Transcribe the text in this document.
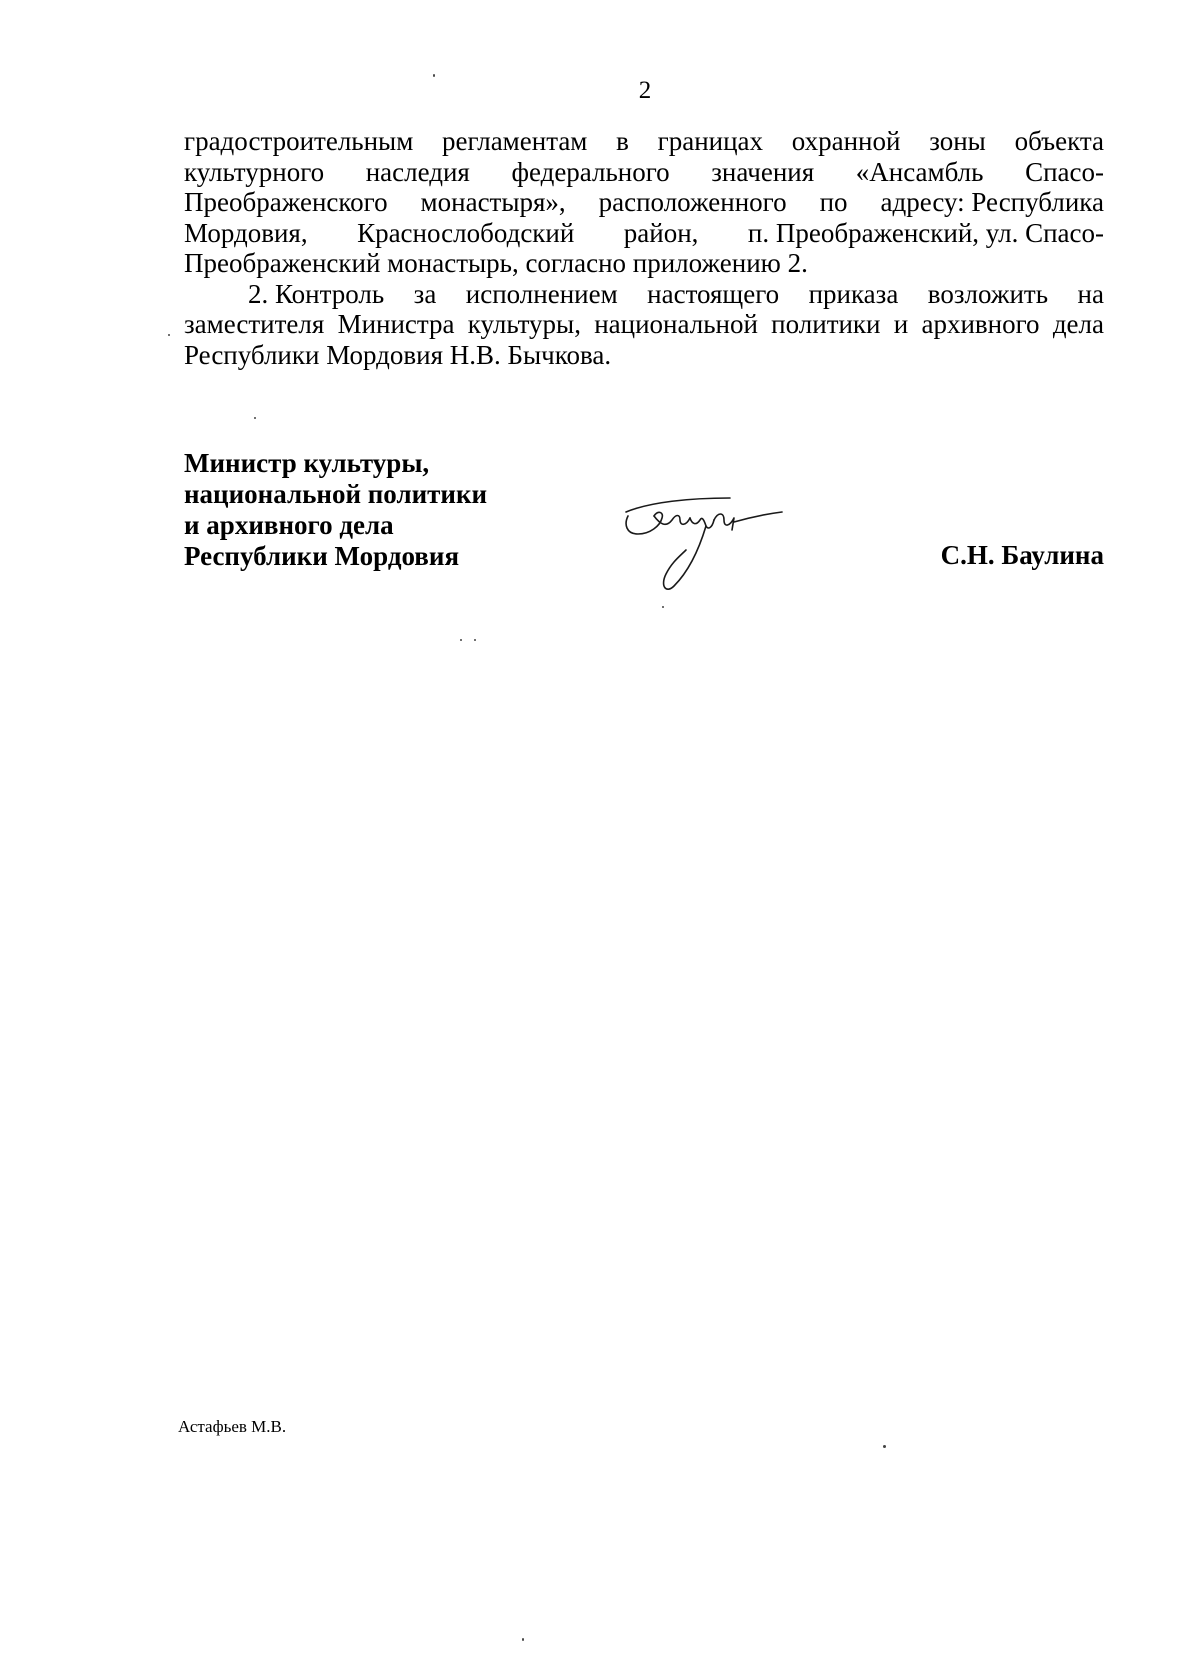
2
градостроительным регламентам в границах охранной зоны объекта
культурного наследия федерального значения «Ансамбль Спасо-
Преображенского монастыря», расположенного по адресу: Республика
Мордовия, Краснослободский район, п. Преображенский, ул. Спасо-
Преображенский монастырь, согласно приложению 2.
2. Контроль за исполнением настоящего приказа возложить на
заместителя Министра культуры, национальной политики и архивного дела
Республики Мордовия Н.В. Бычкова.
Министр культуры,
национальной политики
и архивного дела
Республики Мордовия	С.Н. Баулина
Астафьев М.В.
